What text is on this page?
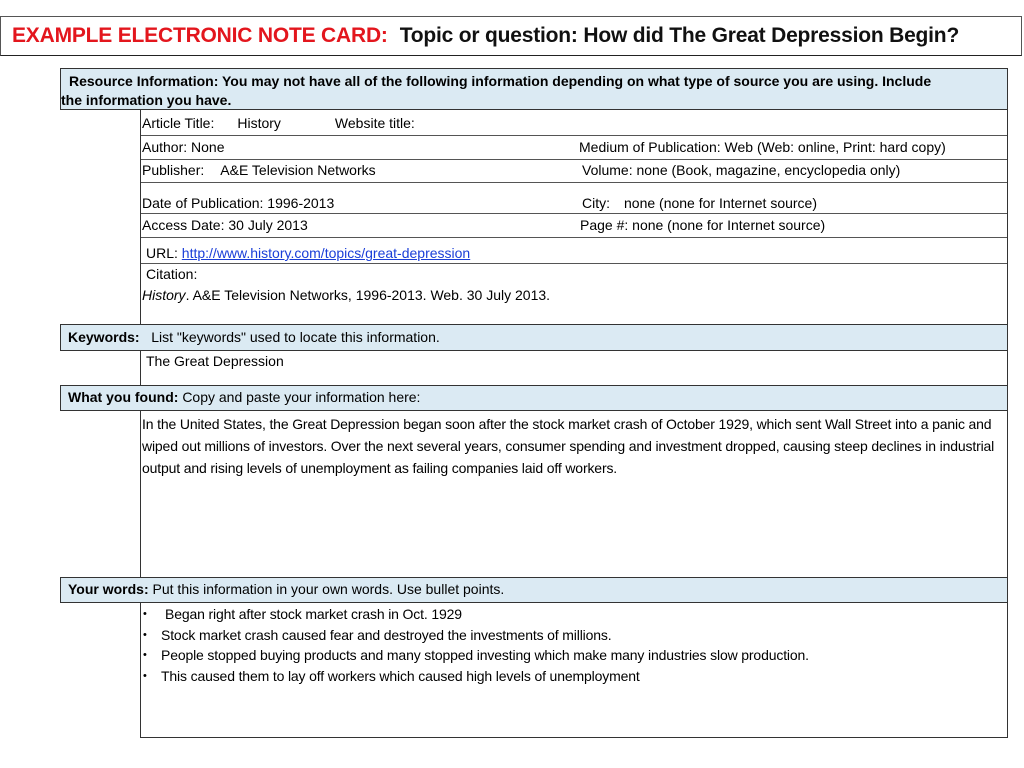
EXAMPLE ELECTRONIC NOTE CARD: Topic or question: How did The Great Depression Begin?
Resource Information: You may not have all of the following information depending on what type of source you are using. Include
the information you have.
Article Title: History	Website title:
Author: None	Medium of Publication: Web (Web: online, Print: hard copy)
Publisher: A&E Television Networks	Volume: none (Book, magazine, encyclopedia only)
Date of Publication: 1996-2013	City: none (none for Internet source)
Access Date: 30 July 2013	Page #: none (none for Internet source)
URL: http://www.history.com/topics/great-depression
Citation:
History. A&E Television Networks, 1996-2013. Web. 30 July 2013.
Keywords: List "keywords" used to locate this information.
The Great Depression
What you found: Copy and paste your information here:
In the United States, the Great Depression began soon after the stock market crash of October 1929, which sent Wall Street into a panic and wiped out millions of investors. Over the next several years, consumer spending and investment dropped, causing steep declines in industrial output and rising levels of unemployment as failing companies laid off workers.
Your words: Put this information in your own words. Use bullet points.
• Began right after stock market crash in Oct. 1929
• Stock market crash caused fear and destroyed the investments of millions.
• People stopped buying products and many stopped investing which make many industries slow production.
• This caused them to lay off workers which caused high levels of unemployment
